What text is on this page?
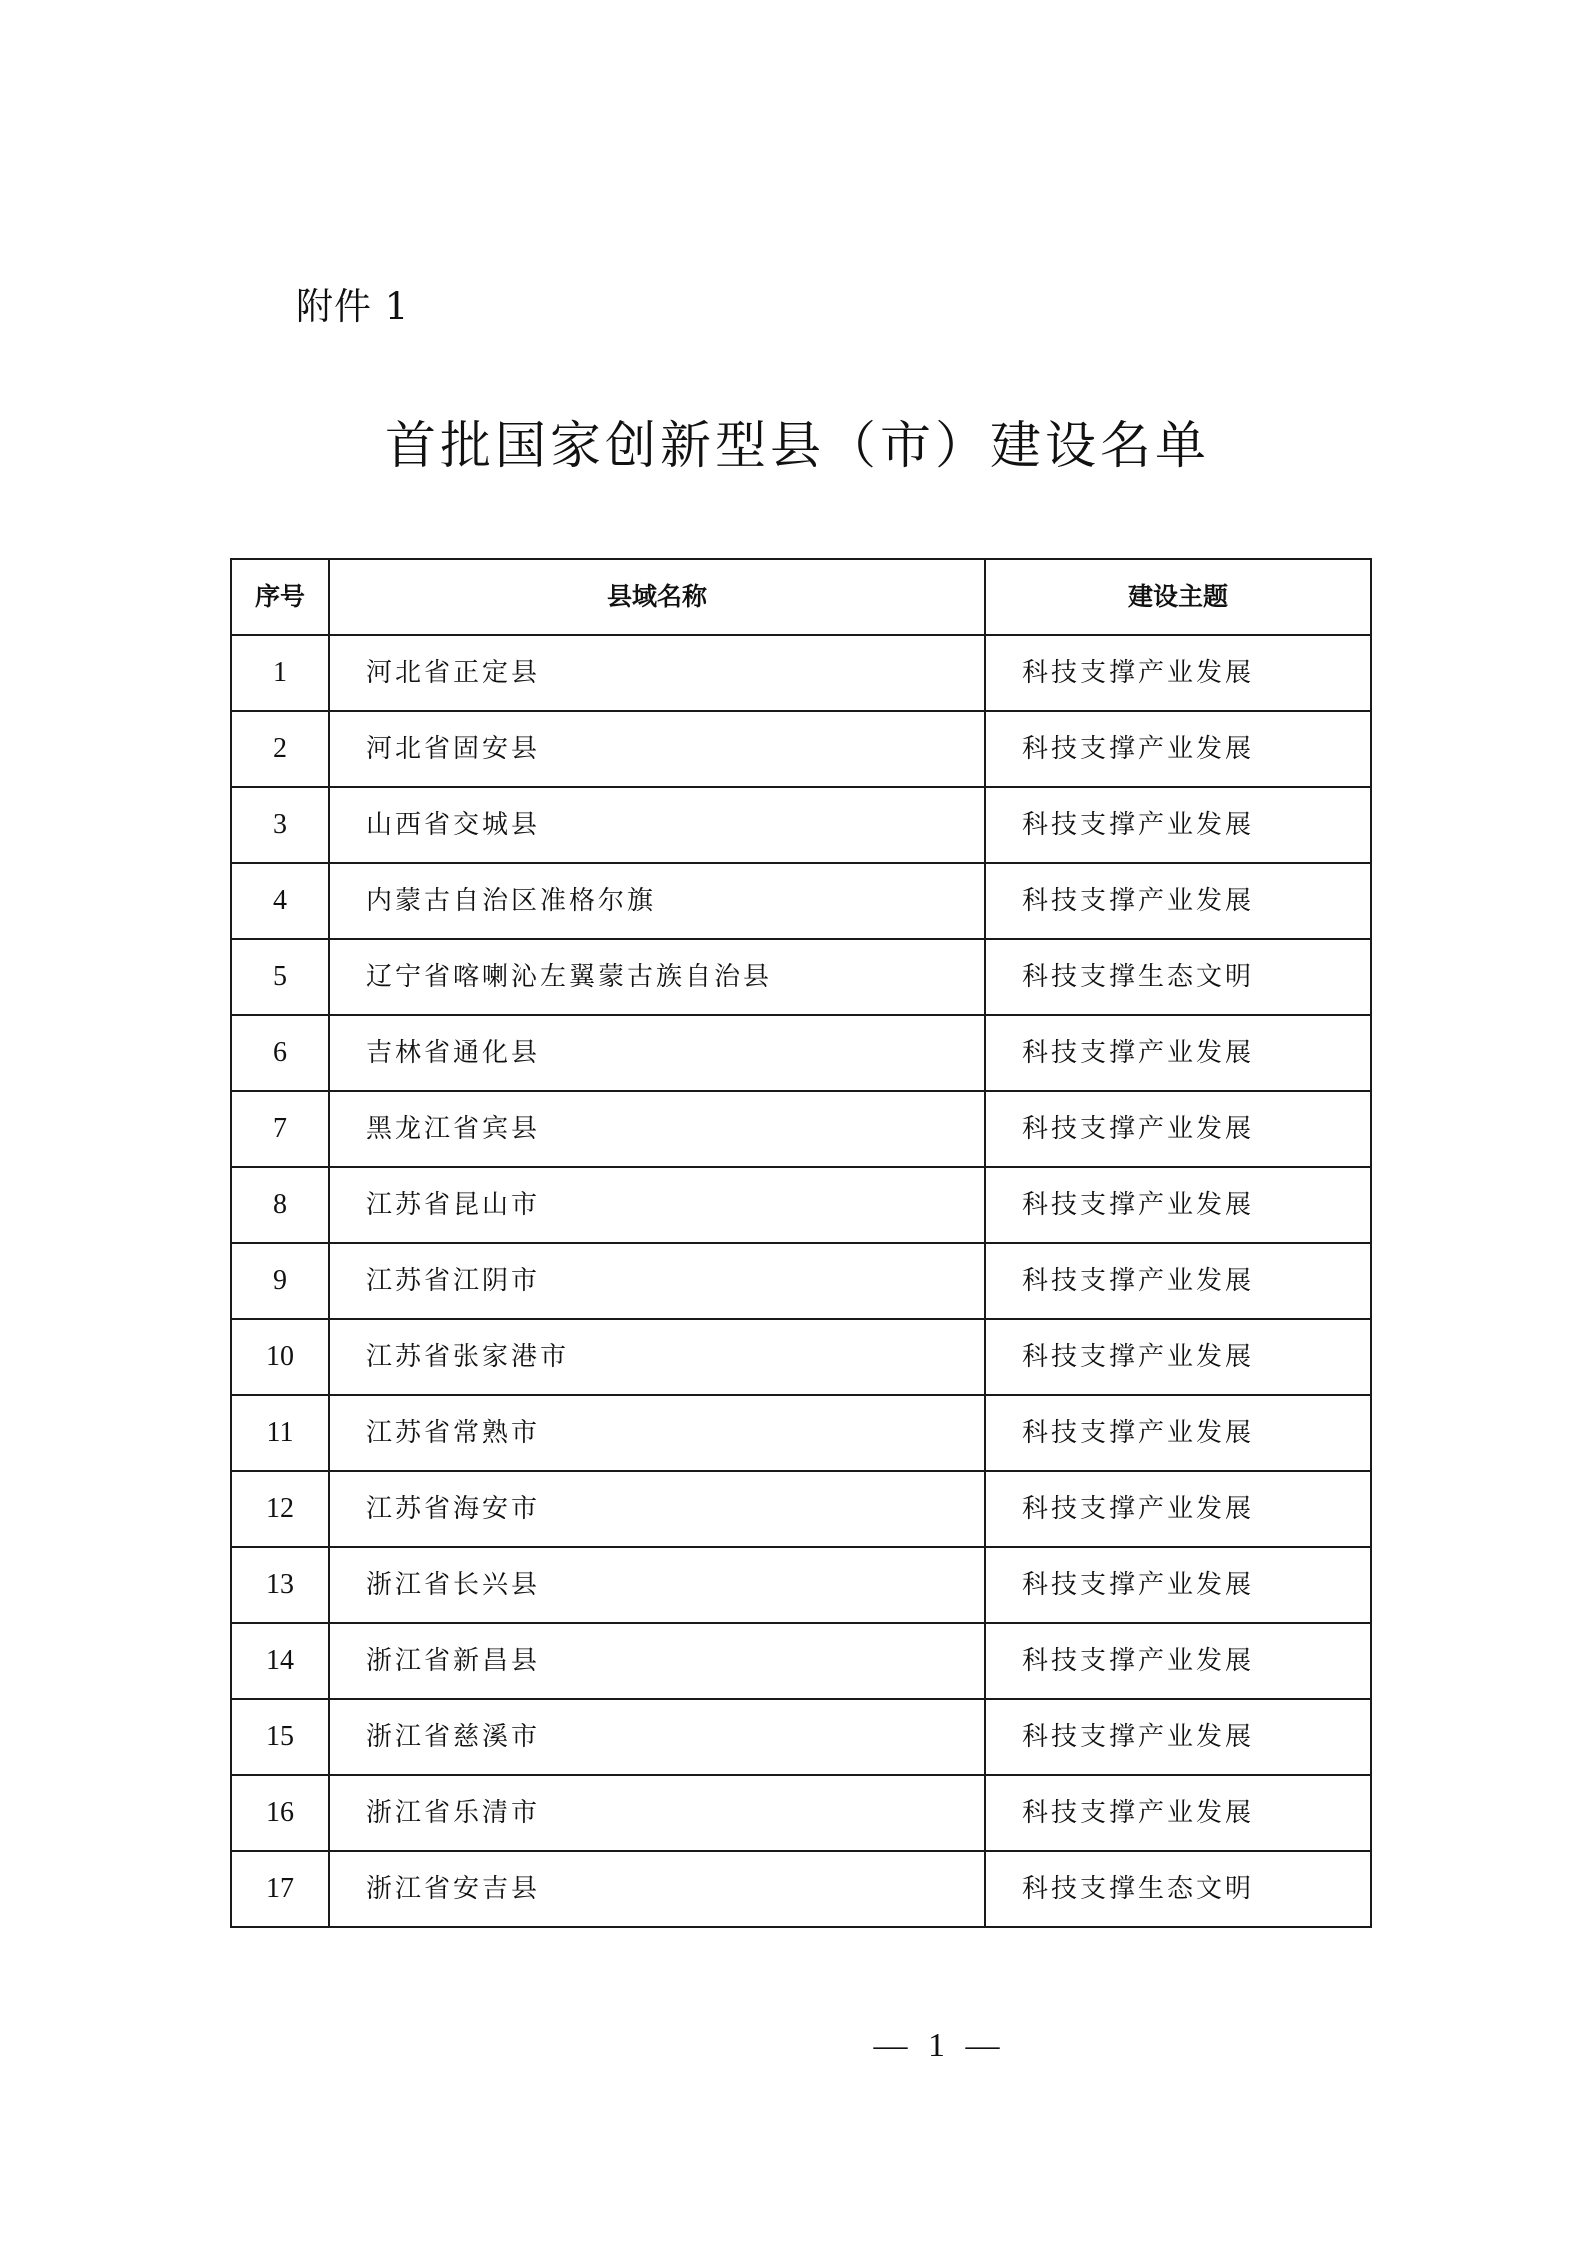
附件 1
首批国家创新型县（市）建设名单
序号	县域名称	建设主题
1	河北省正定县	科技支撑产业发展
2	河北省固安县	科技支撑产业发展
3	山西省交城县	科技支撑产业发展
4	内蒙古自治区准格尔旗	科技支撑产业发展
5	辽宁省喀喇沁左翼蒙古族自治县	科技支撑生态文明
6	吉林省通化县	科技支撑产业发展
7	黑龙江省宾县	科技支撑产业发展
8	江苏省昆山市	科技支撑产业发展
9	江苏省江阴市	科技支撑产业发展
10	江苏省张家港市	科技支撑产业发展
11	江苏省常熟市	科技支撑产业发展
12	江苏省海安市	科技支撑产业发展
13	浙江省长兴县	科技支撑产业发展
14	浙江省新昌县	科技支撑产业发展
15	浙江省慈溪市	科技支撑产业发展
16	浙江省乐清市	科技支撑产业发展
17	浙江省安吉县	科技支撑生态文明
— 1 —
